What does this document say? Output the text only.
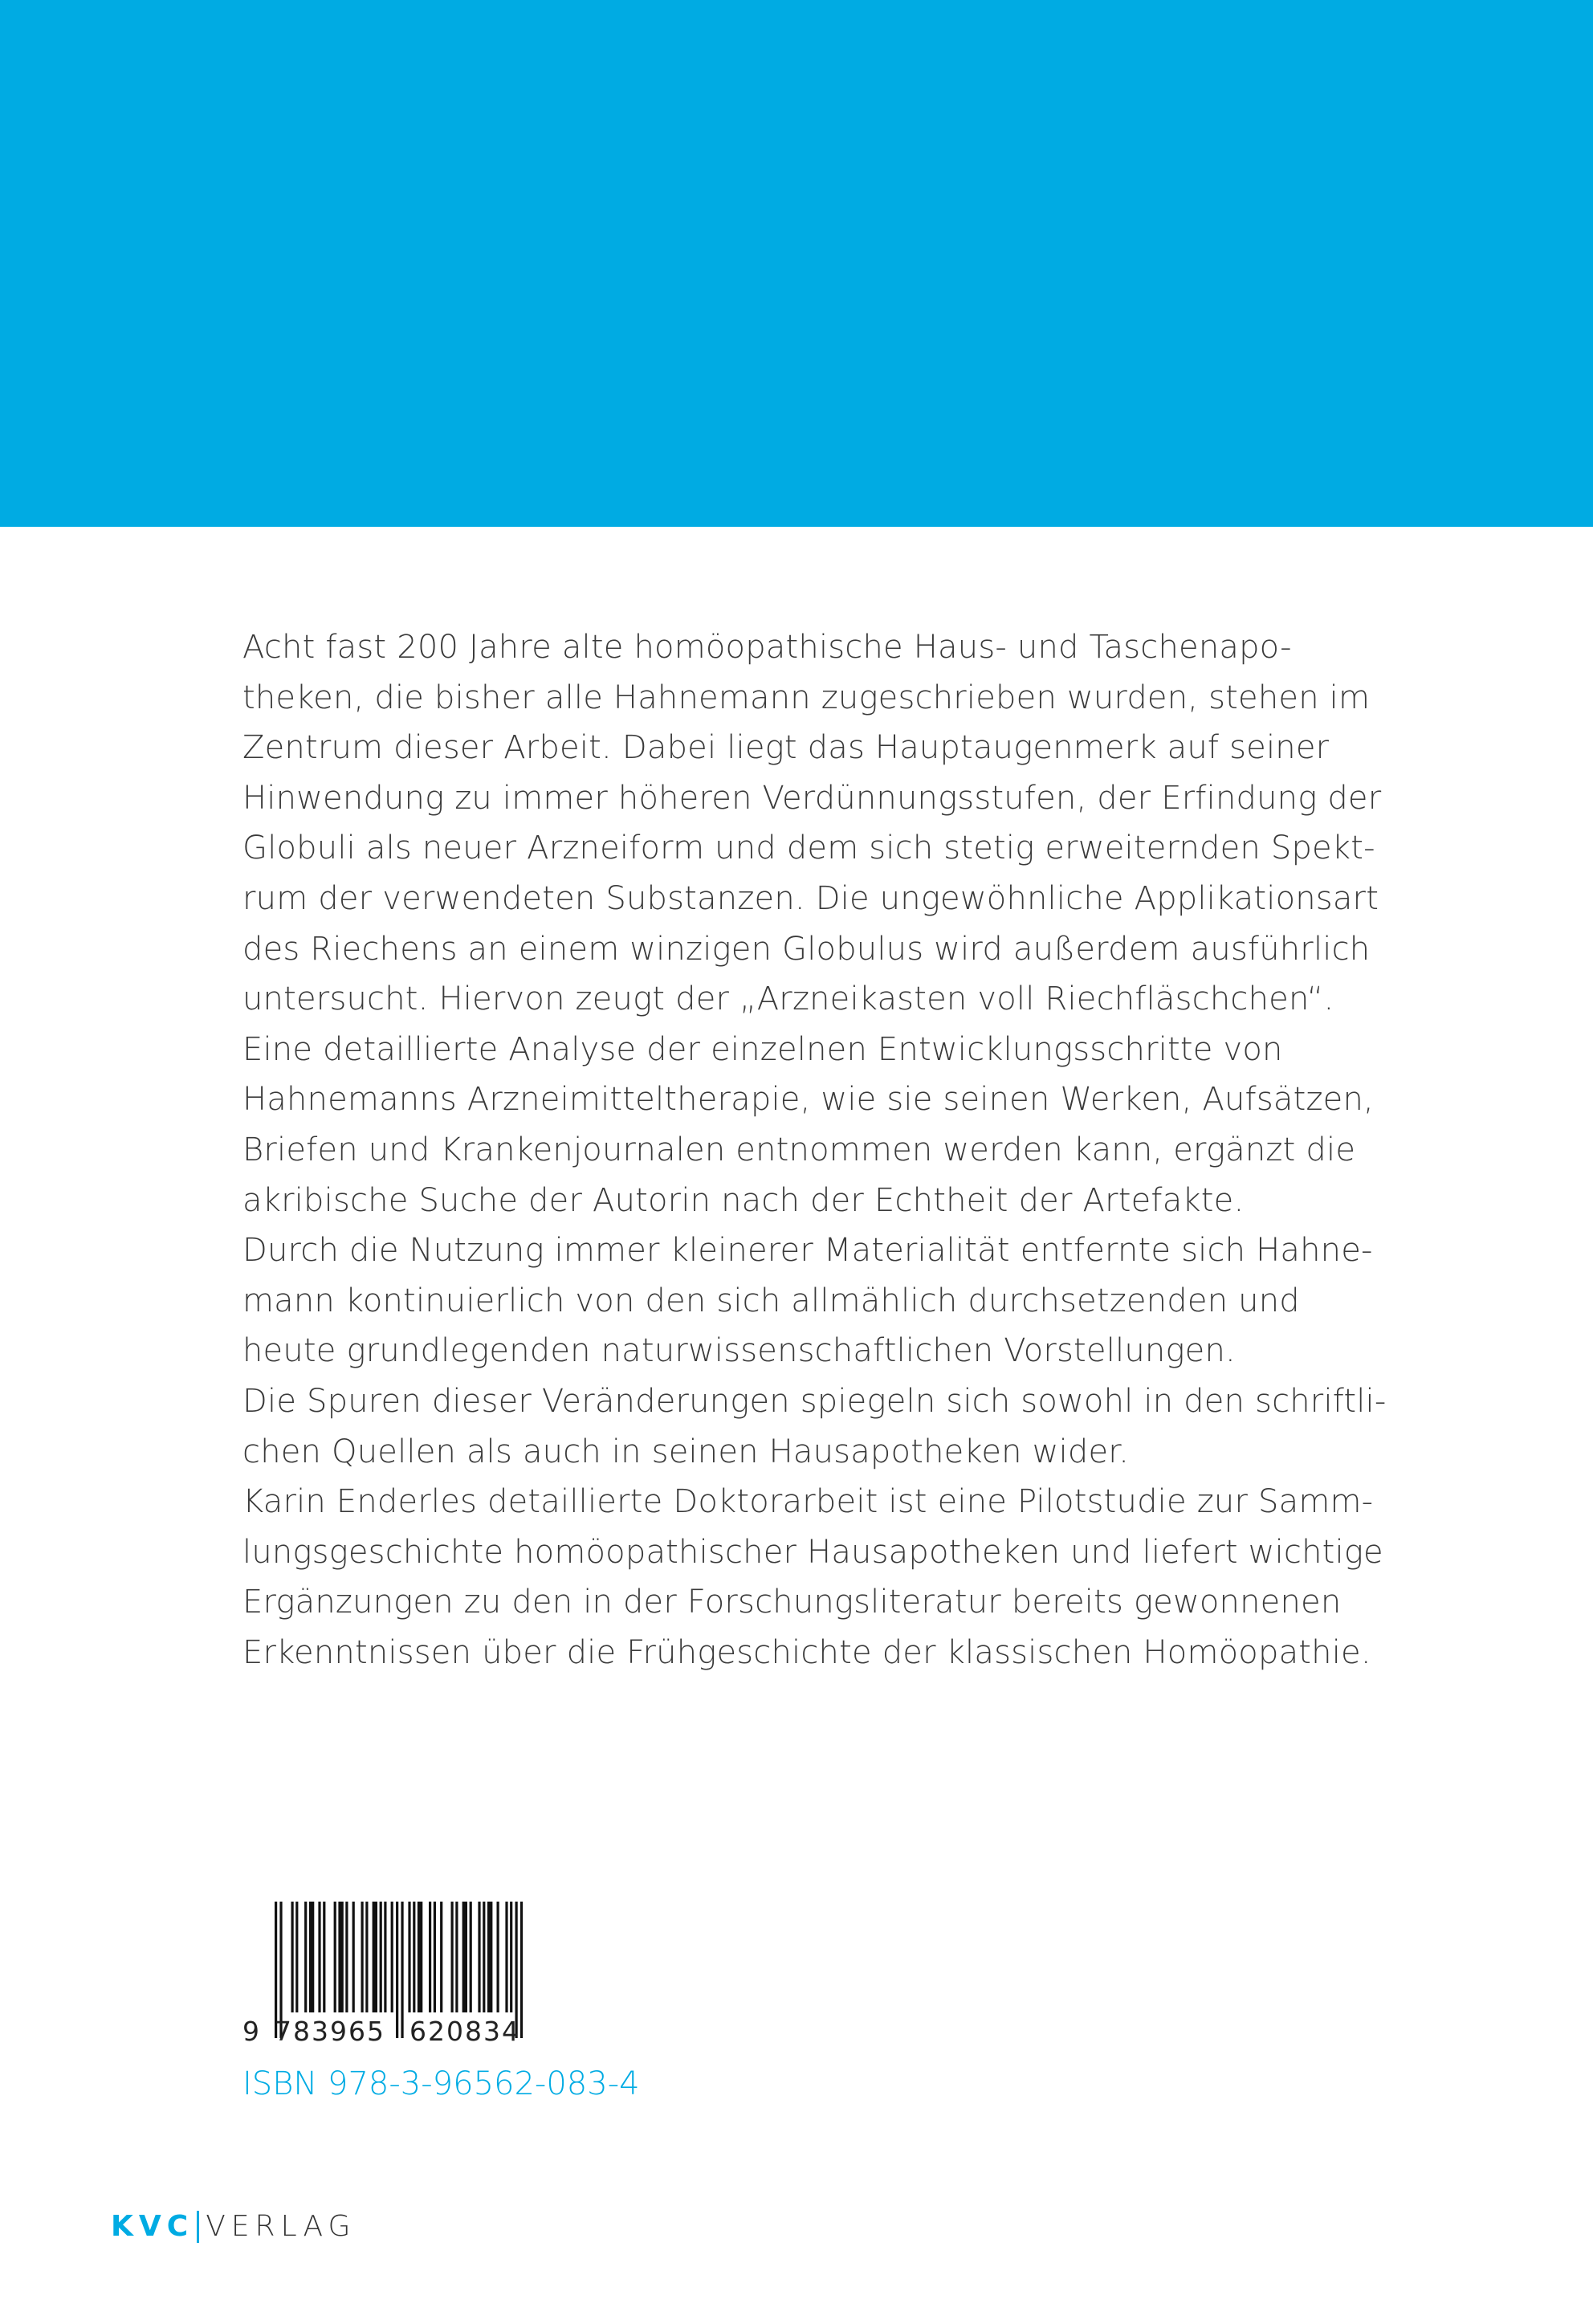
Acht fast 200 Jahre alte homöopathische Haus- und Taschenapo-
theken, die bisher alle Hahnemann zugeschrieben wurden, stehen im
Zentrum dieser Arbeit. Dabei liegt das Hauptaugenmerk auf seiner
Hinwendung zu immer höheren Verdünnungsstufen, der Erfindung der
Globuli als neuer Arzneiform und dem sich stetig erweiternden Spekt-
rum der verwendeten Substanzen. Die ungewöhnliche Applikationsart
des Riechens an einem winzigen Globulus wird außerdem ausführlich
untersucht. Hiervon zeugt der „Arzneikasten voll Riechfläschchen“.
Eine detaillierte Analyse der einzelnen Entwicklungsschritte von
Hahnemanns Arzneimitteltherapie, wie sie seinen Werken, Aufsätzen,
Briefen und Krankenjournalen entnommen werden kann, ergänzt die
akribische Suche der Autorin nach der Echtheit der Artefakte.
Durch die Nutzung immer kleinerer Materialität entfernte sich Hahne-
mann kontinuierlich von den sich allmählich durchsetzenden und
heute grundlegenden naturwissenschaftlichen Vorstellungen.
Die Spuren dieser Veränderungen spiegeln sich sowohl in den schriftli-
chen Quellen als auch in seinen Hausapotheken wider.
Karin Enderles detaillierte Doktorarbeit ist eine Pilotstudie zur Samm-
lungsgeschichte homöopathischer Hausapotheken und liefert wichtige
Ergänzungen zu den in der Forschungsliteratur bereits gewonnenen
Erkenntnissen über die Frühgeschichte der klassischen Homöopathie.
9 783965 620834
ISBN 978-3-96562-083-4
KVC VERLAG
